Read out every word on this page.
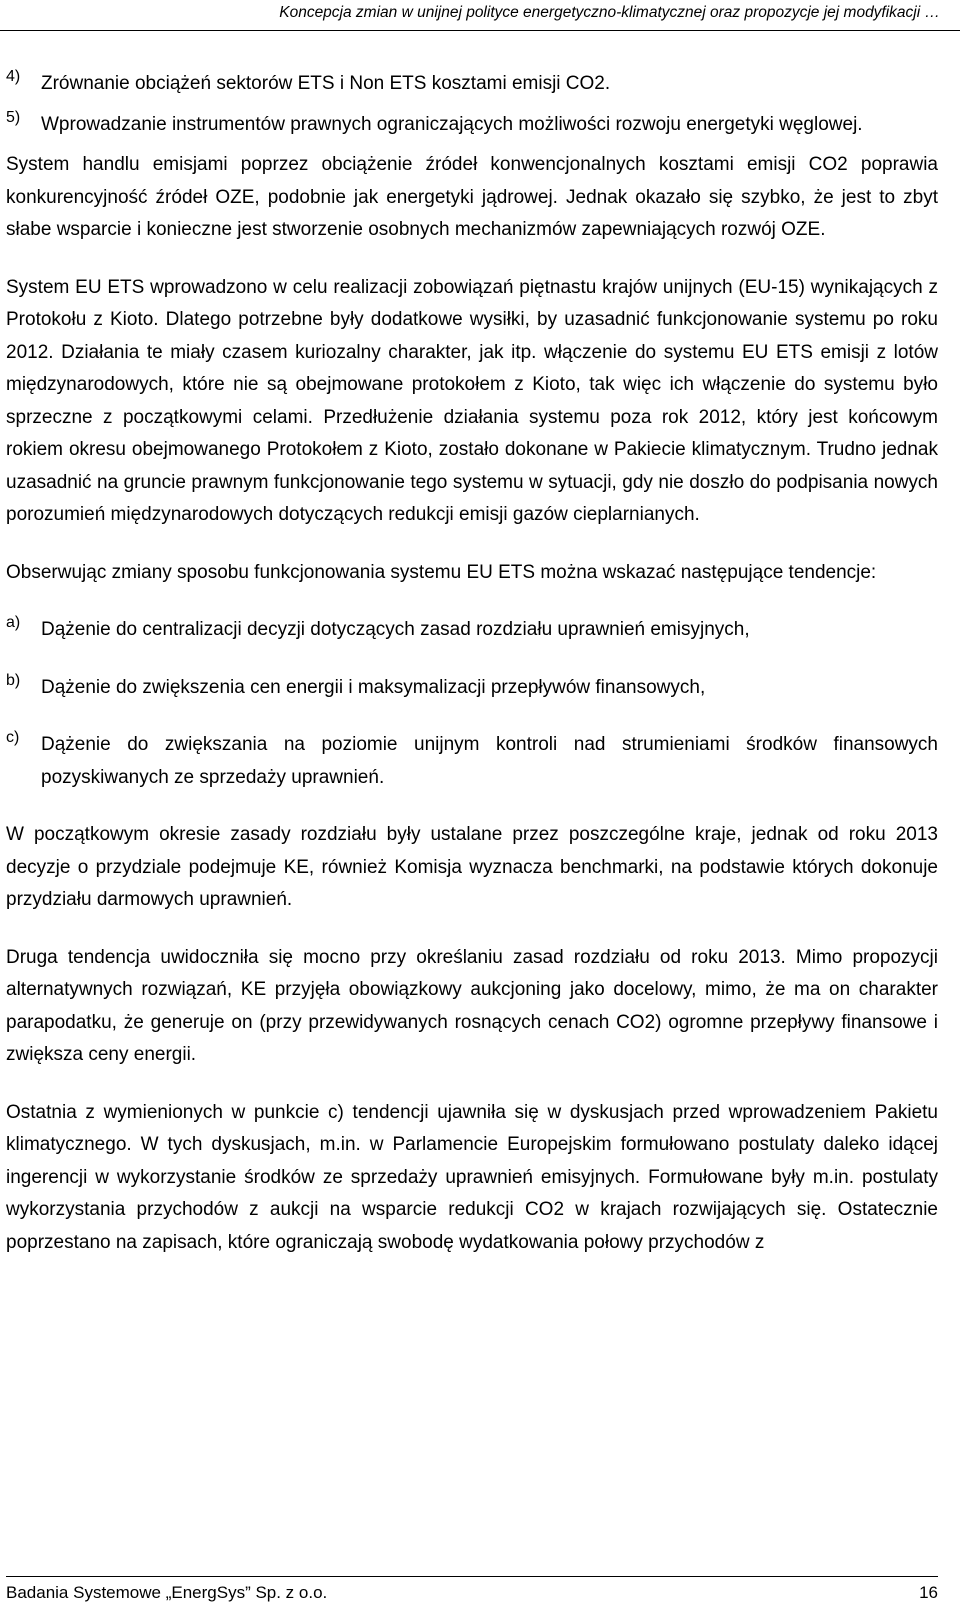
Koncepcja zmian w unijnej polityce energetyczno-klimatycznej oraz propozycje jej modyfikacji …
4)	Zrównanie obciążeń sektorów ETS i Non ETS kosztami emisji CO2.

5)	Wprowadzanie instrumentów prawnych ograniczających możliwości rozwoju energetyki węglowej.

System handlu emisjami poprzez obciążenie źródeł konwencjonalnych kosztami emisji CO2 poprawia konkurencyjność źródeł OZE, podobnie jak energetyki jądrowej. Jednak okazało się szybko, że jest to zbyt słabe wsparcie i konieczne jest stworzenie osobnych mechanizmów zapewniających rozwój OZE.

System EU ETS wprowadzono w celu realizacji zobowiązań piętnastu krajów unijnych (EU-15) wynikających z Protokołu z Kioto. Dlatego potrzebne były dodatkowe wysiłki, by uzasadnić funkcjonowanie systemu po roku 2012. Działania te miały czasem kuriozalny charakter, jak itp. włączenie do systemu EU ETS emisji z lotów międzynarodowych, które nie są obejmowane protokołem z Kioto, tak więc ich włączenie do systemu było sprzeczne z początkowymi celami. Przedłużenie działania systemu poza rok 2012, który jest końcowym rokiem okresu obejmowanego Protokołem z Kioto, zostało dokonane w Pakiecie klimatycznym. Trudno jednak uzasadnić na gruncie prawnym funkcjonowanie tego systemu w sytuacji, gdy nie doszło do podpisania nowych porozumień międzynarodowych dotyczących redukcji emisji gazów cieplarnianych.

Obserwując zmiany sposobu funkcjonowania systemu EU ETS można wskazać następujące tendencje:

a)	Dążenie do centralizacji decyzji dotyczących zasad rozdziału uprawnień emisyjnych,

b)	Dążenie do zwiększenia cen energii i maksymalizacji przepływów finansowych,

c)	Dążenie do zwiększania na poziomie unijnym kontroli nad strumieniami środków finansowych pozyskiwanych ze sprzedaży uprawnień.

W początkowym okresie zasady rozdziału były ustalane przez poszczególne kraje, jednak od roku 2013 decyzje o przydziale podejmuje KE, również Komisja wyznacza benchmarki, na podstawie których dokonuje przydziału darmowych uprawnień.

Druga tendencja uwidoczniła się mocno przy określaniu zasad rozdziału od roku 2013. Mimo propozycji alternatywnych rozwiązań, KE przyjęła obowiązkowy aukcjoning jako docelowy, mimo, że ma on charakter parapodatku, że generuje on (przy przewidywanych rosnących cenach CO2) ogromne przepływy finansowe i zwiększa ceny energii.

Ostatnia z wymienionych w punkcie c) tendencji ujawniła się w dyskusjach przed wprowadzeniem Pakietu klimatycznego. W tych dyskusjach, m.in. w Parlamencie Europejskim formułowano postulaty daleko idącej ingerencji w wykorzystanie środków ze sprzedaży uprawnień emisyjnych. Formułowane były m.in. postulaty wykorzystania przychodów z aukcji na wsparcie redukcji CO2 w krajach rozwijających się. Ostatecznie poprzestano na zapisach, które ograniczają swobodę wydatkowania połowy przychodów z

Badania Systemowe „EnergSys” Sp. z o.o.	16
